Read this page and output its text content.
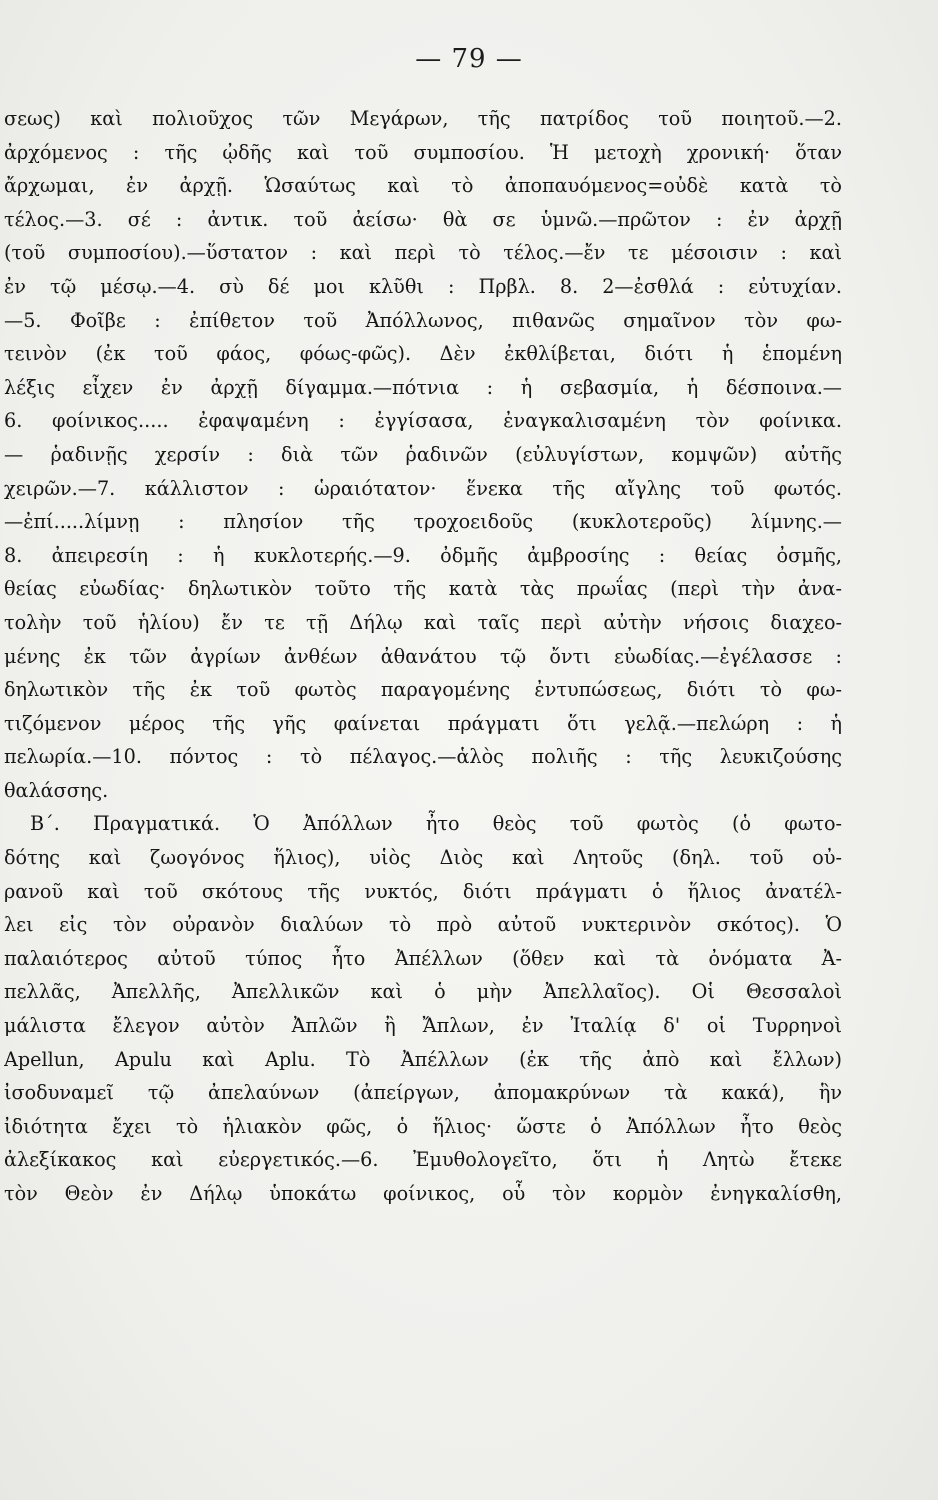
— 79 —
σεως) καὶ πολιοῦχος τῶν Μεγάρων, τῆς πατρίδος τοῦ ποιητοῦ.—2.
ἀρχόμενος : τῆς ᾠδῆς καὶ τοῦ συμποσίου. Ἡ μετοχὴ χρονική· ὅταν
ἄρχωμαι, ἐν ἀρχῇ. Ὡσαύτως καὶ τὸ ἀποπαυόμενος=οὐδὲ κατὰ τὸ
τέλος.—3. σέ : ἀντικ. τοῦ ἀείσω· θὰ σε ὑμνῶ.—πρῶτον : ἐν ἀρχῇ
(τοῦ συμποσίου).—ὕστατον : καὶ περὶ τὸ τέλος.—ἔν τε μέσοισιν : καὶ
ἐν τῷ μέσῳ.—4. σὺ δέ μοι κλῦθι : Πρβλ. 8. 2—ἐσθλά : εὐτυχίαν.
—5. Φοῖβε : ἐπίθετον τοῦ Ἀπόλλωνος, πιθανῶς σημαῖνον τὸν φω-
τεινὸν (ἐκ τοῦ φάος, φόως-φῶς). Δὲν ἐκθλίβεται, διότι ἡ ἑπομένη
λέξις εἶχεν ἐν ἀρχῇ δίγαμμα.—πότνια : ἡ σεβασμία, ἡ δέσποινα.—
6. φοίνικος..... ἐφαψαμένη : ἐγγίσασα, ἐναγκαλισαμένη τὸν φοίνικα.
— ῥαδινῇς χερσίν : διὰ τῶν ῥαδινῶν (εὐλυγίστων, κομψῶν) αὐτῆς
χειρῶν.—7. κάλλιστον : ὡραιότατον· ἕνεκα τῆς αἴγλης τοῦ φωτός.
—ἐπί.....λίμνῃ : πλησίον τῆς τροχοειδοῦς (κυκλοτεροῦς) λίμνης.—
8. ἀπειρεσίη : ἡ κυκλοτερής.—9. ὀδμῆς ἀμβροσίης : θείας ὀσμῆς,
θείας εὐωδίας· δηλωτικὸν τοῦτο τῆς κατὰ τὰς πρωΐας (περὶ τὴν ἀνα-
τολὴν τοῦ ἡλίου) ἔν τε τῇ Δήλῳ καὶ ταῖς περὶ αὐτὴν νήσοις διαχεο-
μένης ἐκ τῶν ἀγρίων ἀνθέων ἀθανάτου τῷ ὄντι εὐωδίας.—ἐγέλασσε :
δηλωτικὸν τῆς ἐκ τοῦ φωτὸς παραγομένης ἐντυπώσεως, διότι τὸ φω-
τιζόμενον μέρος τῆς γῆς φαίνεται πράγματι ὅτι γελᾷ.—πελώρη : ἡ
πελωρία.—10. πόντος : τὸ πέλαγος.—ἁλὸς πολιῆς : τῆς λευκιζούσης
θαλάσσης.
Β΄. Πραγματικά. Ὁ Ἀπόλλων ἦτο θεὸς τοῦ φωτὸς (ὁ φωτο-
δότης καὶ ζωογόνος ἥλιος), υἱὸς Διὸς καὶ Λητοῦς (δηλ. τοῦ οὐ-
ρανοῦ καὶ τοῦ σκότους τῆς νυκτός, διότι πράγματι ὁ ἥλιος ἀνατέλ-
λει εἰς τὸν οὐρανὸν διαλύων τὸ πρὸ αὐτοῦ νυκτερινὸν σκότος). Ὁ
παλαιότερος αὐτοῦ τύπος ἦτο Ἀπέλλων (ὅθεν καὶ τὰ ὀνόματα Ἀ-
πελλᾶς, Ἀπελλῆς, Ἀπελλικῶν καὶ ὁ μὴν Ἀπελλαῖος). Οἱ Θεσσαλοὶ
μάλιστα ἔλεγον αὐτὸν Ἀπλῶν ἢ Ἄπλων, ἐν Ἰταλίᾳ δ' οἱ Τυρρηνοὶ
Apellun, Apulu καὶ Aplu. Τὸ Ἀπέλλων (ἐκ τῆς ἀπὸ καὶ ἔλλων)
ἰσοδυναμεῖ τῷ ἀπελαύνων (ἀπείργων, ἀπομακρύνων τὰ κακά), ἣν
ἰδιότητα ἔχει τὸ ἡλιακὸν φῶς, ὁ ἥλιος· ὥστε ὁ Ἀπόλλων ἦτο θεὸς
ἀλεξίκακος καὶ εὐεργετικός.—6. Ἐμυθολογεῖτο, ὅτι ἡ Λητὼ ἔτεκε
τὸν Θεὸν ἐν Δήλῳ ὑποκάτω φοίνικος, οὗ τὸν κορμὸν ἐνηγκαλίσθη,
